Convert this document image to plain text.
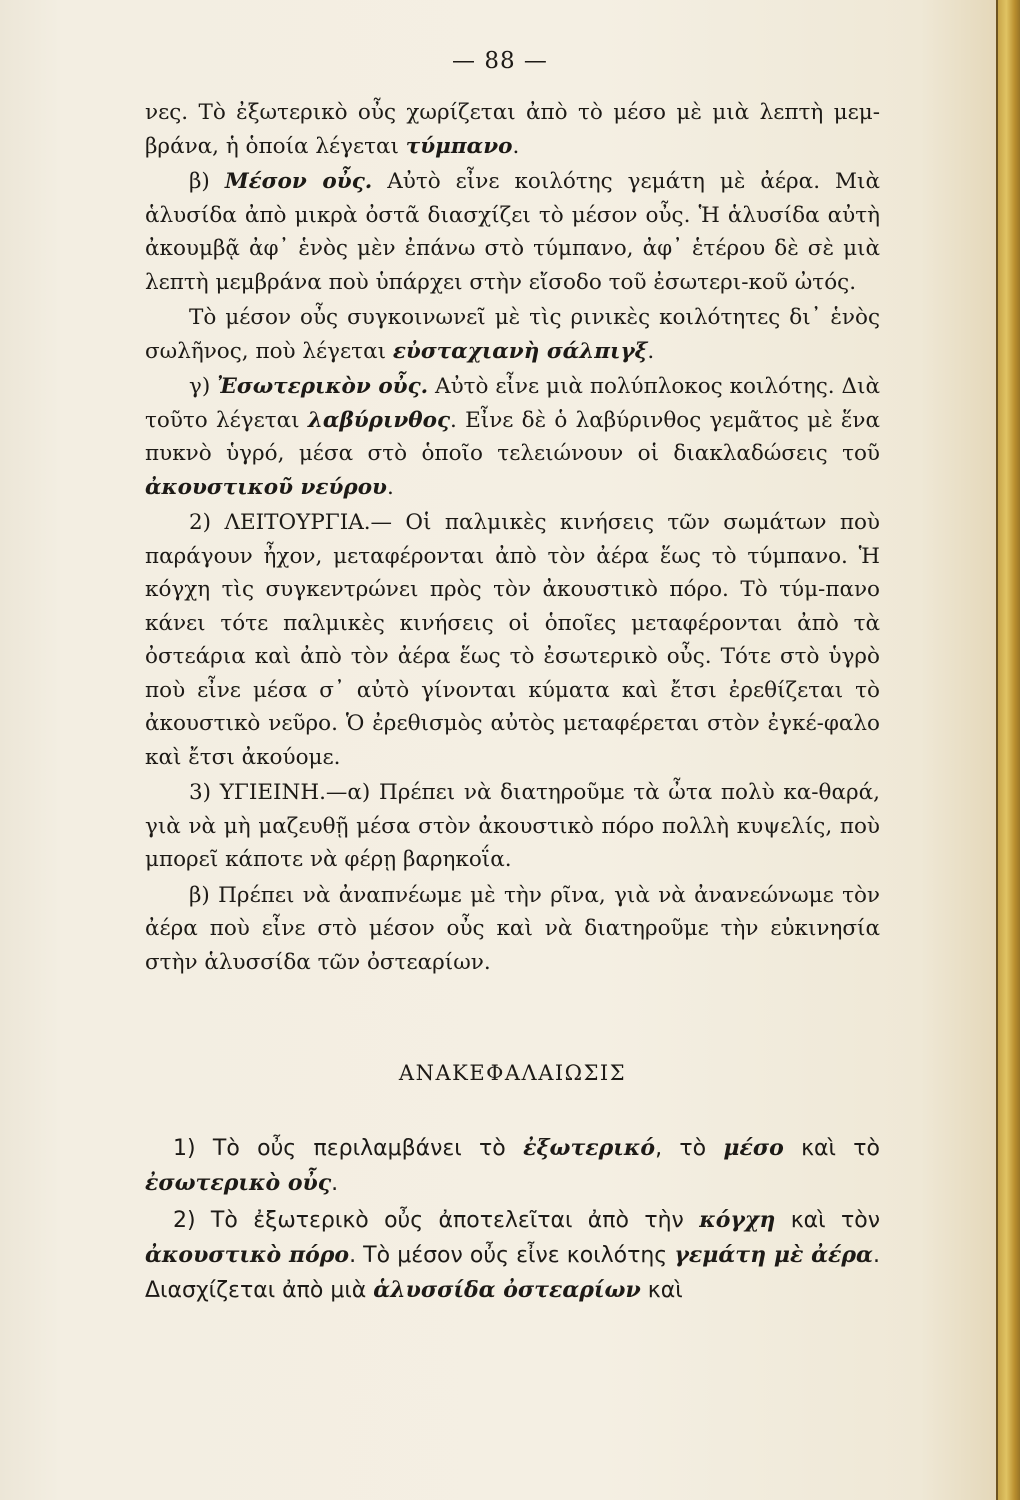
— 88 —

νες. Τὸ ἐξωτερικὸ οὖς χωρίζεται ἀπὸ τὸ μέσο μὲ μιὰ λεπτὴ μεμ-βράνα, ἡ ὁποία λέγεται τύμπανο.

β) Μέσον οὖς. Αὐτὸ εἶνε κοιλότης γεμάτη μὲ ἀέρα. Μιὰ ἁλυσίδα ἀπὸ μικρὰ ὀστᾶ διασχίζει τὸ μέσον οὖς. Ἡ ἁλυσίδα αὐτὴ ἀκουμβᾷ ἀφ᾽ ἑνὸς μὲν ἐπάνω στὸ τύμπανο, ἀφ᾽ ἑτέρου δὲ σὲ μιὰ λεπτὴ μεμβράνα ποὺ ὑπάρχει στὴν εἴσοδο τοῦ ἐσωτερι-κοῦ ὠτός.

Τὸ μέσον οὖς συγκοινωνεῖ μὲ τὶς ρινικὲς κοιλότητες δι᾽ ἑνὸς σωλῆνος, ποὺ λέγεται εὐσταχιανὴ σάλπιγξ.

γ) Ἐσωτερικὸν οὖς. Αὐτὸ εἶνε μιὰ πολύπλοκος κοιλότης. Διὰ τοῦτο λέγεται λαβύρινθος. Εἶνε δὲ ὁ λαβύρινθος γεμᾶτος μὲ ἕνα πυκνὸ ὑγρό, μέσα στὸ ὁποῖο τελειώνουν οἱ διακλαδώσεις τοῦ ἀκουστικοῦ νεύρου.

2) ΛΕΙΤΟΥΡΓΙΑ.— Οἱ παλμικὲς κινήσεις τῶν σωμάτων ποὺ παράγουν ἦχον, μεταφέρονται ἀπὸ τὸν ἀέρα ἕως τὸ τύμπανο. Ἡ κόγχη τὶς συγκεντρώνει πρὸς τὸν ἀκουστικὸ πόρο. Τὸ τύμ-πανο κάνει τότε παλμικὲς κινήσεις οἱ ὁποῖες μεταφέρονται ἀπὸ τὰ ὀστεάρια καὶ ἀπὸ τὸν ἀέρα ἕως τὸ ἐσωτερικὸ οὖς. Τότε στὸ ὑγρὸ ποὺ εἶνε μέσα σ᾽ αὐτὸ γίνονται κύματα καὶ ἔτσι ἐρεθίζεται τὸ ἀκουστικὸ νεῦρο. Ὁ ἐρεθισμὸς αὐτὸς μεταφέρεται στὸν ἐγκέ-φαλο καὶ ἔτσι ἀκούομε.

3) ΥΓΙΕΙΝΗ.—α) Πρέπει νὰ διατηροῦμε τὰ ὦτα πολὺ κα-θαρά, γιὰ νὰ μὴ μαζευθῇ μέσα στὸν ἀκουστικὸ πόρο πολλὴ κυψελίς, ποὺ μπορεῖ κάποτε νὰ φέρῃ βαρηκοΐα.

β) Πρέπει νὰ ἀναπνέωμε μὲ τὴν ρῖνα, γιὰ νὰ ἀνανεώνωμε τὸν ἀέρα ποὺ εἶνε στὸ μέσον οὖς καὶ νὰ διατηροῦμε τὴν εὐκινησία στὴν ἁλυσσίδα τῶν ὀστεαρίων.

ΑΝΑΚΕΦΑΛΑΙΩΣΙΣ

1) Τὸ οὖς περιλαμβάνει τὸ ἐξωτερικό, τὸ μέσο καὶ τὸ ἐσωτερικὸ οὖς.

2) Τὸ ἐξωτερικὸ οὖς ἀποτελεῖται ἀπὸ τὴν κόγχη καὶ τὸν ἀκουστικὸ πόρο. Τὸ μέσον οὖς εἶνε κοιλότης γεμάτη μὲ ἀέρα. Διασχίζεται ἀπὸ μιὰ ἁλυσσίδα ὀστεαρίων καὶ
